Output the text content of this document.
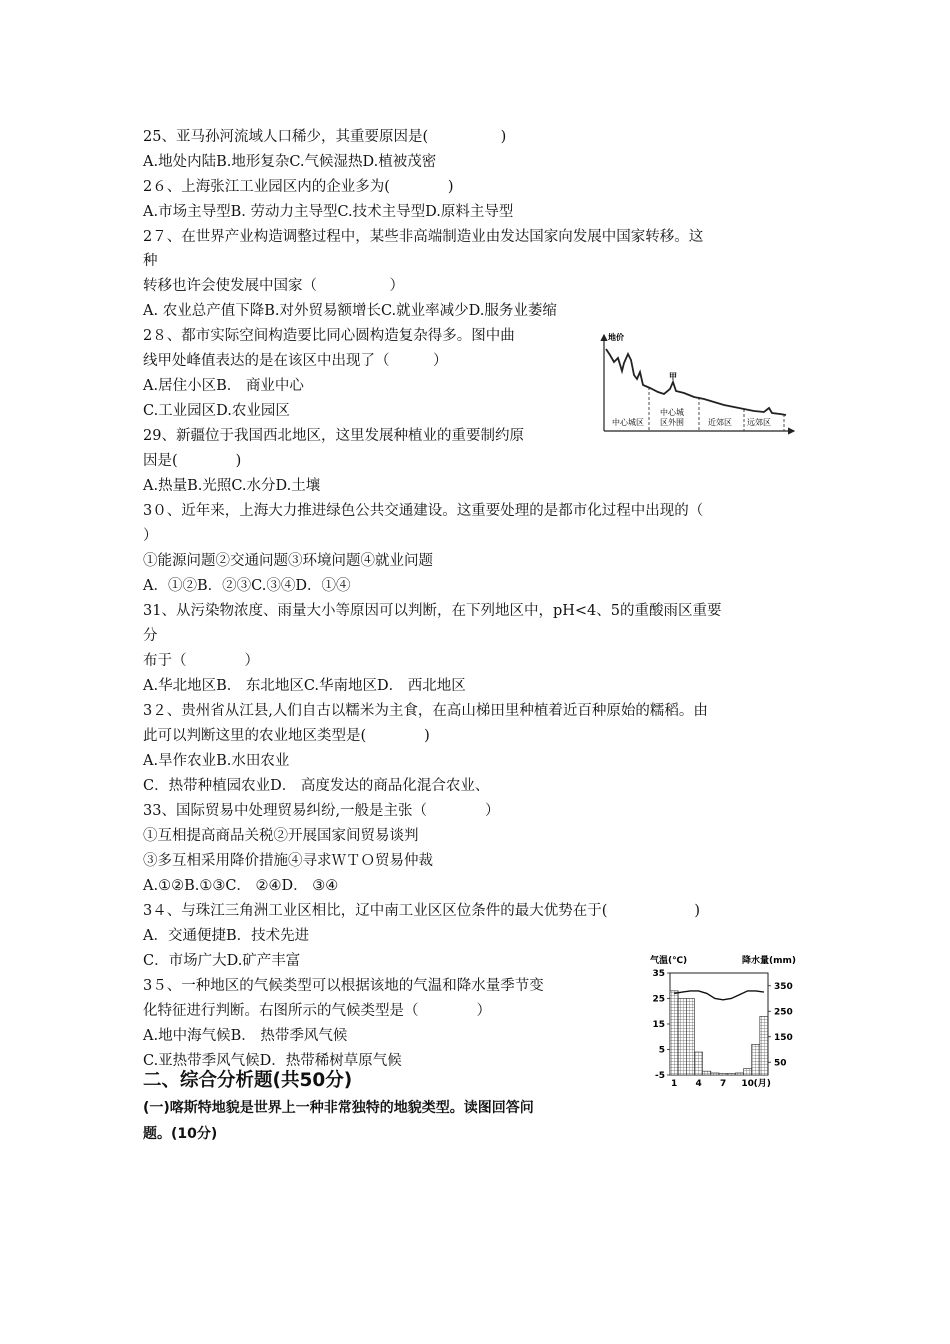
25、亚马孙河流域人口稀少，其重要原因是(　　　　　)
A.地处内陆B.地形复杂C.气候湿热D.植被茂密
2６、上海张江工业园区内的企业多为(　　　　)
A.市场主导型B. 劳动力主导型C.技术主导型D.原料主导型
2７、在世界产业构造调整过程中，某些非高端制造业由发达国家向发展中国家转移。这
种
转移也许会使发展中国家（　　　　　）
A. 农业总产值下降B.对外贸易额增长C.就业率减少D.服务业萎缩
2８、都市实际空间构造要比同心圆构造复杂得多。图中曲
线甲处峰值表达的是在该区中出现了（　　　）
A.居住小区B． 商业中心
C.工业园区D.农业园区
29、新疆位于我国西北地区，这里发展种植业的重要制约原
因是(　　　　)
A.热量B.光照C.水分D.土壤
3０、近年来，上海大力推进绿色公共交通建设。这重要处理的是都市化过程中出现的（
）
①能源问题②交通问题③环境问题④就业问题
A．①②B．②③C.③④D．①④
31、从污染物浓度、雨量大小等原因可以判断，在下列地区中，pH<4、5的重酸雨区重要
分
布于（　　　　）
A.华北地区B． 东北地区C.华南地区D． 西北地区
3２、贵州省从江县,人们自古以糯米为主食，在高山梯田里种植着近百种原始的糯稻。由
此可以判断这里的农业地区类型是(　　　　)
A.旱作农业B.水田农业
C．热带种植园农业D． 高度发达的商品化混合农业、
33、国际贸易中处理贸易纠纷,一般是主张（　　　　）
①互相提高商品关税②开展国家间贸易谈判
③多互相采用降价措施④寻求ＷＴＯ贸易仲裁
A.①②B.①③C． ②④D． ③④
3４、与珠江三角洲工业区相比，辽中南工业区区位条件的最大优势在于(　　　　　　)
A．交通便捷B．技术先进
C．市场广大D.矿产丰富
3５、一种地区的气候类型可以根据该地的气温和降水量季节变
化特征进行判断。右图所示的气候类型是（　　　　）
A.地中海气候B． 热带季风气候
C.亚热带季风气候D．热带稀树草原气候
二、综合分析题(共50分)
(一)喀斯特地貌是世界上一种非常独特的地貌类型。读图回答问
题。(10分)
地价
甲
中心城区
中心城
区外围	近郊区 远郊区
气温(℃)	降水量(mm)
35
25
15
5
-5
350
250
150
50
1 4 7 10 (月)
